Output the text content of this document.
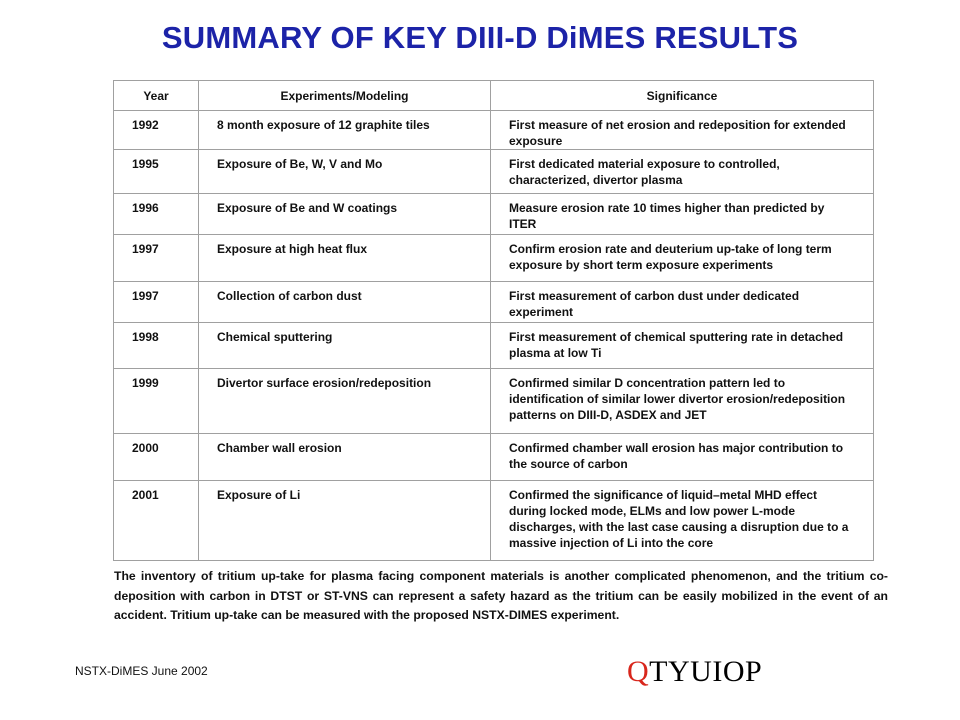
SUMMARY OF KEY DIII-D DiMES RESULTS
Year	Experiments/Modeling	Significance
1992	8 month exposure of 12 graphite tiles	First measure of net erosion and redeposition for extended exposure
1995	Exposure of Be, W, V and Mo	First dedicated material exposure to controlled, characterized, divertor plasma
1996	Exposure of Be and W coatings	Measure erosion rate 10 times higher than predicted by ITER
1997	Exposure at high heat flux	Confirm erosion rate and deuterium up-take of long term exposure by short term exposure experiments
1997	Collection of carbon dust	First measurement of carbon dust under dedicated experiment
1998	Chemical sputtering	First measurement of chemical sputtering rate in detached plasma at low Ti
1999	Divertor surface erosion/redeposition	Confirmed similar D concentration pattern led to identification of similar lower divertor erosion/redeposition patterns on DIII-D, ASDEX and JET
2000	Chamber wall erosion	Confirmed chamber wall erosion has major contribution to the source of carbon
2001	Exposure of Li	Confirmed the significance of liquid–metal MHD effect during locked mode, ELMs and low power L-mode discharges, with the last case causing a disruption due to a massive injection of Li into the core
The inventory of tritium up-take for plasma facing component materials is another complicated phenomenon, and the tritium co-deposition with carbon in DTST or ST-VNS can represent a safety hazard as the tritium can be easily mobilized in the event of an accident. Tritium up-take can be measured with the proposed NSTX-DIMES experiment.
NSTX-DiMES June 2002	QTYUIOP
